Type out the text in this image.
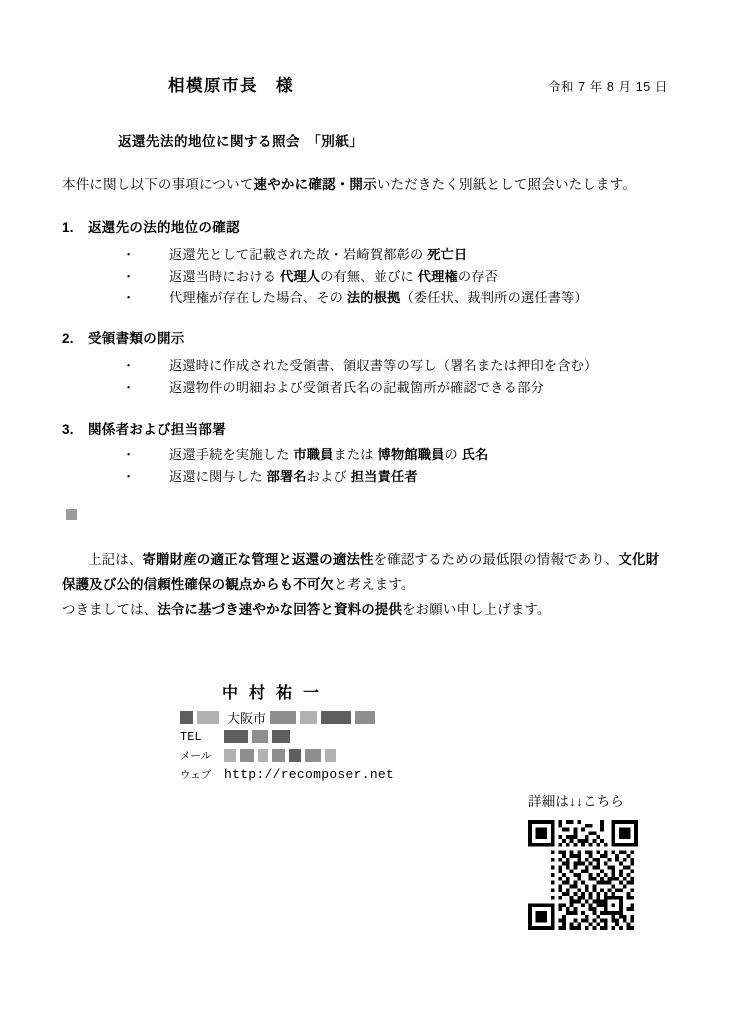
相模原市長　様	令和 7 年 8 月 15 日
返還先法的地位に関する照会　「別紙」
本件に関し以下の事項について速やかに確認・開示いただきたく別紙として照会いたします。
1. 返還先の法的地位の確認
・	返還先として記載された故・岩崎賀都彰の 死亡日
・	返還当時における 代理人の有無、並びに 代理権の存否
・	代理権が存在した場合、その 法的根拠（委任状、裁判所の選任書等）
2. 受領書類の開示
・	返還時に作成された受領書、領収書等の写し（署名または押印を含む）
・	返還物件の明細および受領者氏名の記載箇所が確認できる部分
3. 関係者および担当部署
・	返還手続を実施した 市職員または 博物館職員の 氏名
・	返還に関与した 部署名および 担当責任者
上記は、寄贈財産の適正な管理と返還の適法性を確認するための最低限の情報であり、文化財保護及び公的信頼性確保の観点からも不可欠と考えます。
つきましては、法令に基づき速やかな回答と資料の提供をお願い申し上げます。
中村祐一
大阪市
TEL
メール
ウェブ http://recomposer.net
詳細は↓↓こちら
